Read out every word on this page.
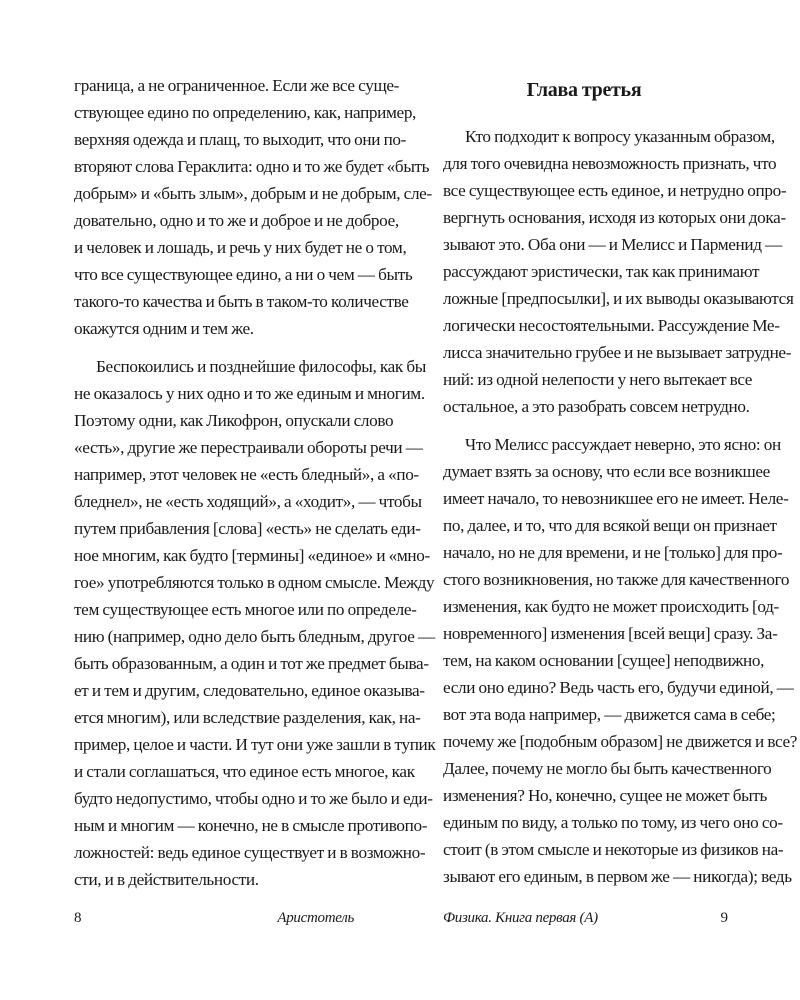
граница, а не ограниченное. Если же все суще-
ствующее едино по определению, как, например,
верхняя одежда и плащ, то выходит, что они по-
вторяют слова Гераклита: одно и то же будет «быть
добрым» и «быть злым», добрым и не добрым, сле-
довательно, одно и то же и доброе и не доброе,
и человек и лошадь, и речь у них будет не о том,
что все существующее едино, а ни о чем — быть
такого-то качества и быть в таком-то количестве
окажутся одним и тем же.
Беспокоились и позднейшие философы, как бы
не оказалось у них одно и то же единым и многим.
Поэтому одни, как Ликофрон, опускали слово
«есть», другие же перестраивали обороты речи —
например, этот человек не «есть бледный», а «по-
бледнел», не «есть ходящий», а «ходит», — чтобы
путем прибавления [слова] «есть» не сделать еди-
ное многим, как будто [термины] «единое» и «мно-
гое» употребляются только в одном смысле. Между
тем существующее есть многое или по определе-
нию (например, одно дело быть бледным, другое —
быть образованным, а один и тот же предмет быва-
ет и тем и другим, следовательно, единое оказыва-
ется многим), или вследствие разделения, как, на-
пример, целое и части. И тут они уже зашли в тупик
и стали соглашаться, что единое есть многое, как
будто недопустимо, чтобы одно и то же было и еди-
ным и многим — конечно, не в смысле противопо-
ложностей: ведь единое существует и в возможно-
сти, и в действительности.
8	Аристотель	Физика. Книга первая (А)	9
Глава третья
Кто подходит к вопросу указанным образом,
для того очевидна невозможность признать, что
все существующее есть единое, и нетрудно опро-
вергнуть основания, исходя из которых они дока-
зывают это. Оба они — и Мелисс и Парменид —
рассуждают эристически, так как принимают
ложные [предпосылки], и их выводы оказываются
логически несостоятельными. Рассуждение Ме-
лисса значительно грубее и не вызывает затрудне-
ний: из одной нелепости у него вытекает все
остальное, а это разобрать совсем нетрудно.
Что Мелисс рассуждает неверно, это ясно: он
думает взять за основу, что если все возникшее
имеет начало, то невозникшее его не имеет. Неле-
по, далее, и то, что для всякой вещи он признает
начало, но не для времени, и не [только] для про-
стого возникновения, но также для качественного
изменения, как будто не может происходить [од-
новременного] изменения [всей вещи] сразу. За-
тем, на каком основании [сущее] неподвижно,
если оно едино? Ведь часть его, будучи единой, —
вот эта вода например, — движется сама в себе;
почему же [подобным образом] не движется и все?
Далее, почему не могло бы быть качественного
изменения? Но, конечно, сущее не может быть
единым по виду, а только по тому, из чего оно со-
стоит (в этом смысле и некоторые из физиков на-
зывают его единым, в первом же — никогда); ведь
